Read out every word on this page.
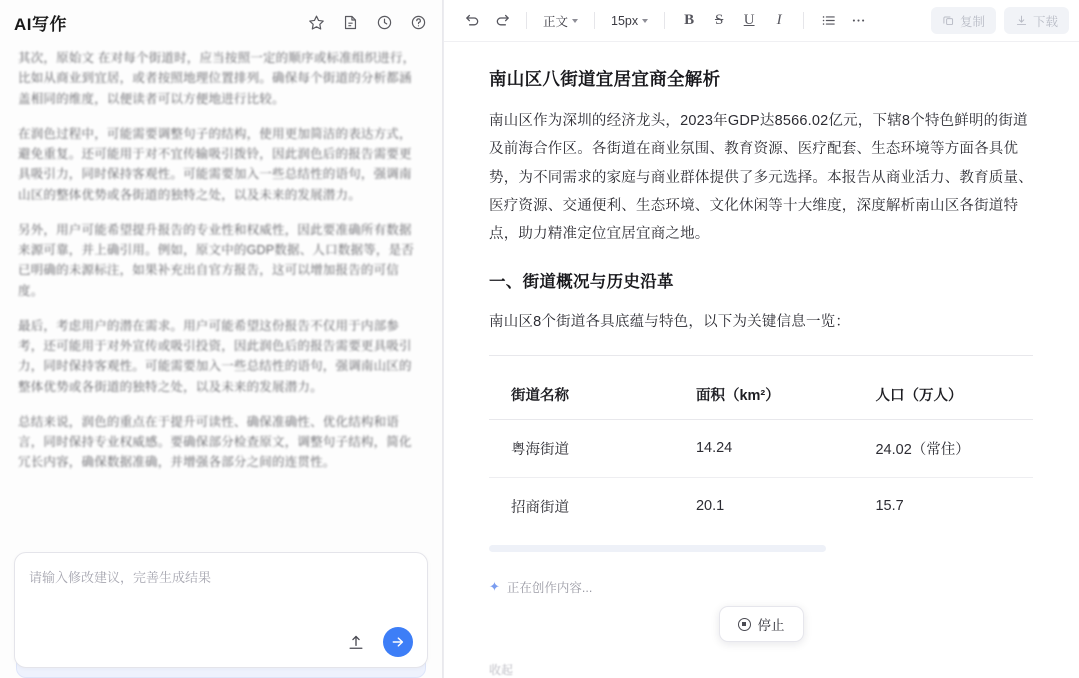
AI写作

其次，原始文 在对每个街道时，应当按照一定的顺序或标准组织进行，比如从商业到宜居，或者按照地理位置排列。确保每个街道的分析都涵盖相同的维度，以便读者可以方便地进行比较。

在润色过程中，可能需要调整句子的结构，使用更加简洁的表达方式，避免重复。还可能用于对不宜传输吸引拨铃，因此润色后的报告需要更具吸引力，同时保持客观性。可能需要加入一些总结性的语句，强调南山区的整体优势或各街道的独特之处，以及未来的发展潜力。

另外，用户可能希望提升报告的专业性和权威性，因此要准确所有数据来源可靠，并上确引用。例如，原文中的GDP数据、人口数据等，是否已明确的未源标注，如果补充出自官方报告，这可以增加报告的可信度。

最后，考虑用户的潜在需求。用户可能希望这份报告不仅用于内部参考，还可能用于对外宣传或吸引投资，因此润色后的报告需要更具吸引力，同时保持客观性。可能需要加入一些总结性的语句，强调南山区的整体优势或各街道的独特之处，以及未来的发展潜力。

总结来说，润色的重点在于提升可读性、确保准确性、优化结构和语言，同时保持专业权威感。要确保部分检查原文，调整句子结构，简化冗长内容，确保数据准确，并增强各部分之间的连贯性。

请输入修改建议，完善生成结果
正文	15px	B	S	U	I	复制	下载
南山区八街道宜居宜商全解析

南山区作为深圳的经济龙头，2023年GDP达8566.02亿元，下辖8个特色鲜明的街道及前海合作区。各街道在商业氛围、教育资源、医疗配套、生态环境等方面各具优势，为不同需求的家庭与商业群体提供了多元选择。本报告从商业活力、教育质量、医疗资源、交通便利、生态环境、文化休闲等十大维度，深度解析南山区各街道特点，助力精准定位宜居宜商之地。

一、街道概况与历史沿革

南山区8个街道各具底蕴与特色，以下为关键信息一览：

街道名称	面积（km²）	人口（万人）
粤海街道	14.24	24.02（常住）
招商街道	20.1	15.7
✦ 正在创作内容...
停止
收起
